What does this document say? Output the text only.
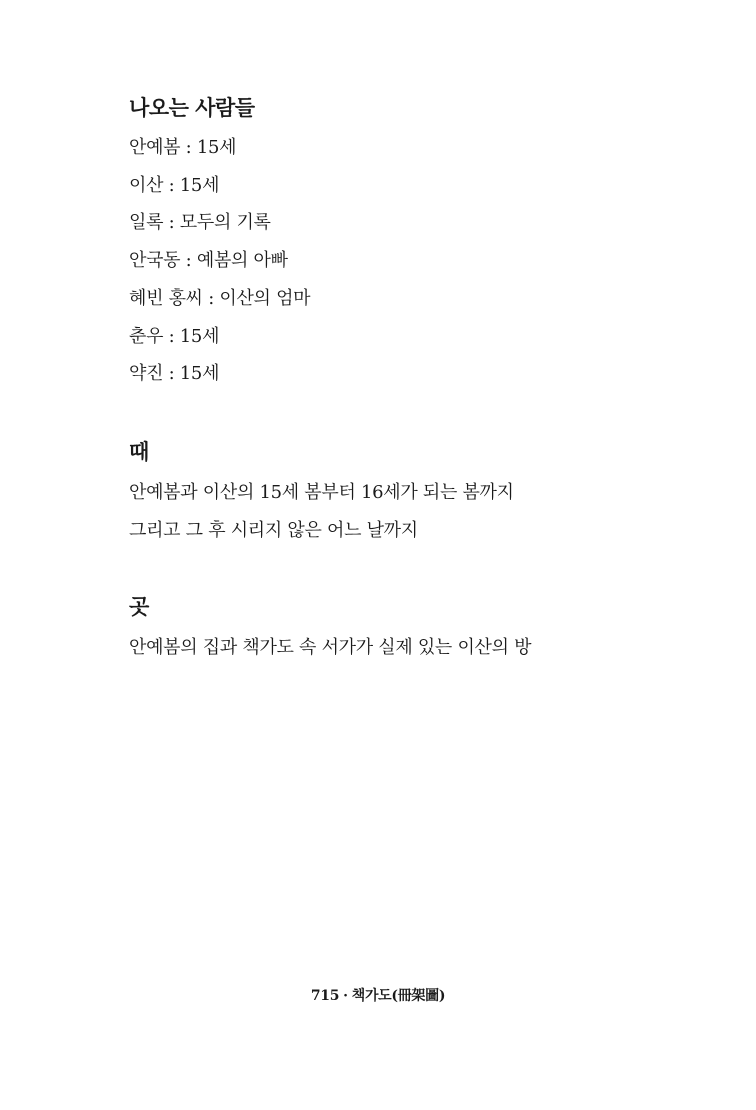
나오는 사람들

안예봄 : 15세

이산 : 15세

일록 : 모두의 기록

안국동 : 예봄의 아빠

혜빈 홍씨 : 이산의 엄마

춘우 : 15세

약진 : 15세

때

안예봄과 이산의 15세 봄부터 16세가 되는 봄까지

그리고 그 후 시리지 않은 어느 날까지

곳

안예봄의 집과 책가도 속 서가가 실제 있는 이산의 방

715 · 책가도(冊架圖)
